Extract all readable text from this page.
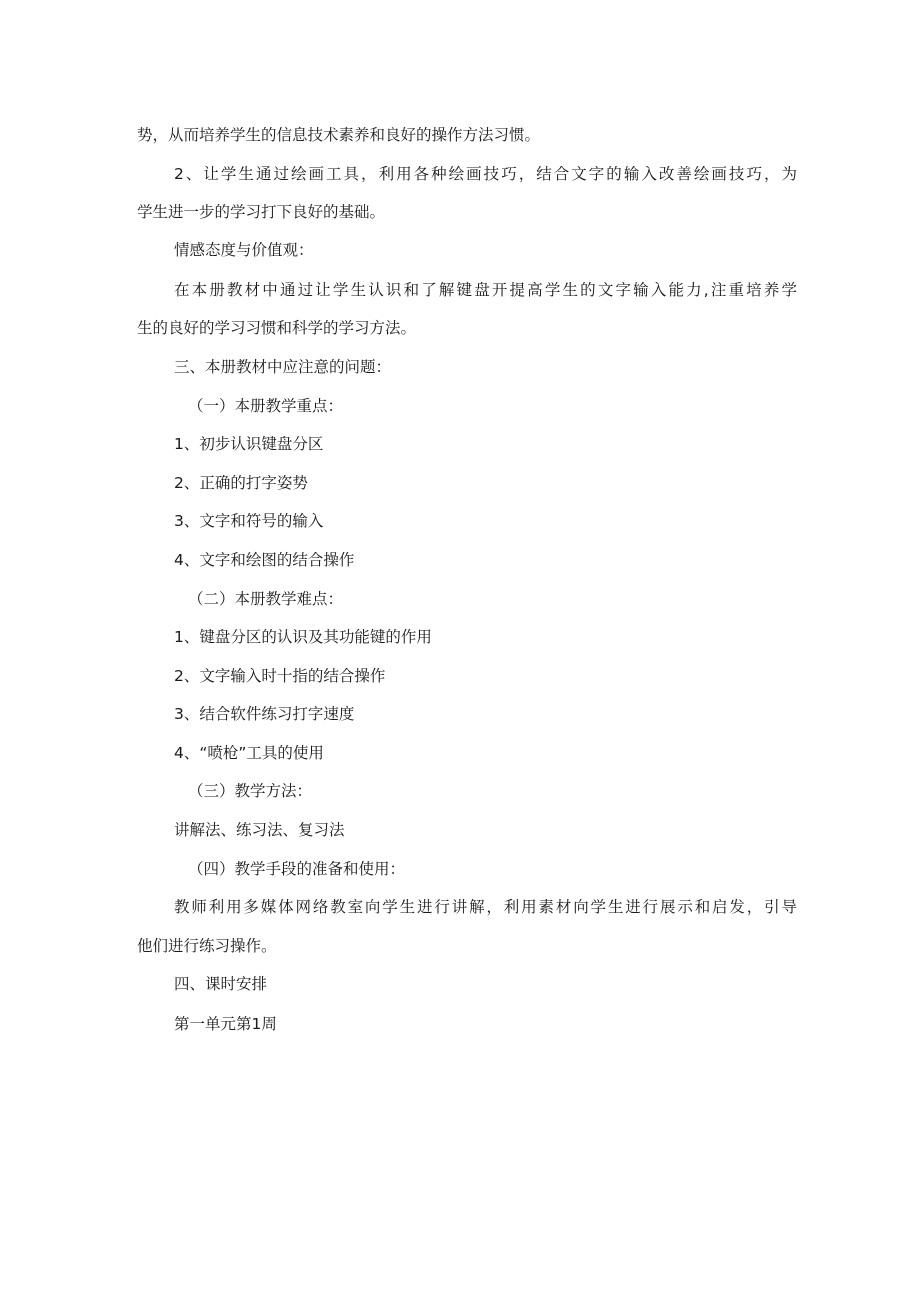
势，从而培养学生的信息技术素养和良好的操作方法习惯。
2、让学生通过绘画工具，利用各种绘画技巧，结合文字的输入改善绘画技巧，为
学生进一步的学习打下良好的基础。
情感态度与价值观：
在本册教材中通过让学生认识和了解键盘开提高学生的文字输入能力,注重培养学
生的良好的学习习惯和科学的学习方法。
三、本册教材中应注意的问题：
（一）本册教学重点：
1、初步认识键盘分区
2、正确的打字姿势
3、文字和符号的输入
4、文字和绘图的结合操作
（二）本册教学难点：
1、键盘分区的认识及其功能键的作用
2、文字输入时十指的结合操作
3、结合软件练习打字速度
4、“喷枪”工具的使用
（三）教学方法：
讲解法、练习法、复习法
（四）教学手段的准备和使用：
教师利用多媒体网络教室向学生进行讲解，利用素材向学生进行展示和启发，引导
他们进行练习操作。
四、课时安排
第一单元第1周
